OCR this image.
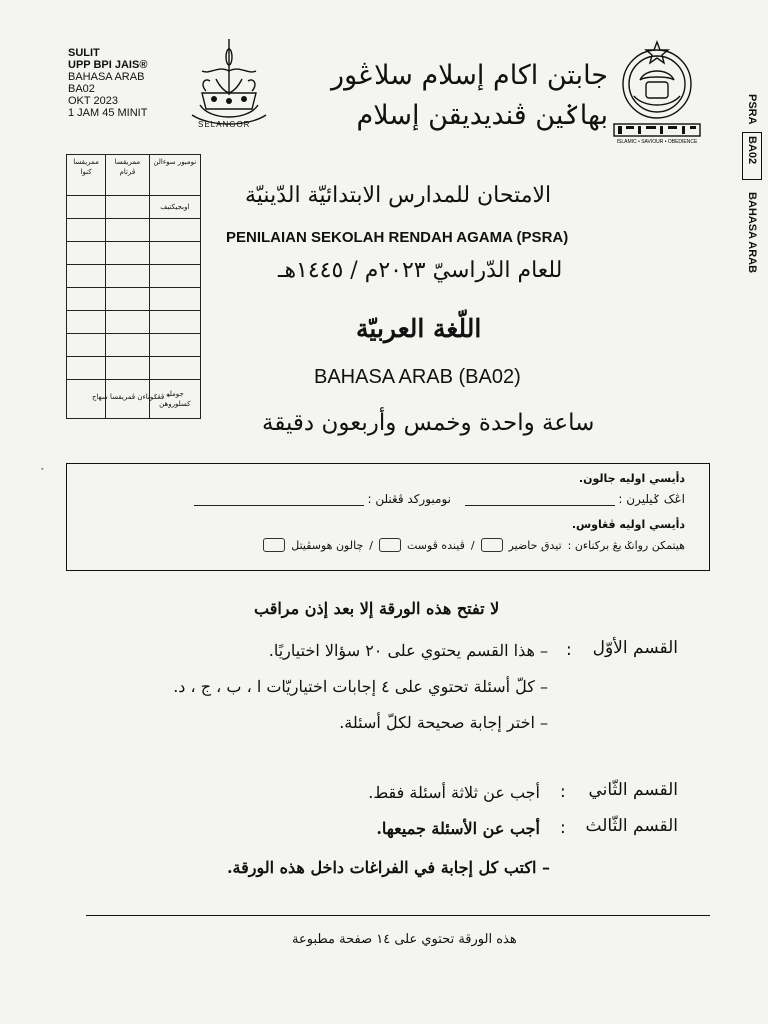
SULIT
UPP BPI JAIS®
BAHASA ARAB
BA02
OKT 2023
1 JAM 45 MINIT
SELANGOR
جابتن اكام إسلام سلاڠور
بهاݢين ڤنديديقن إسلام
ISLAMIC • SAVIOUR • OBEDIENCE
PSRA
BA02
BAHASA ARAB
ممريقسا كنوا	ممريقسا ڤرتام	نومبور سوءالن
		اوبجيكتيف

		جومله كسلوروهن
* ڤڠݢوناءن ڤمريقسا سهاج
الامتحان للمدارس الابتدائيّة الدّينيّة
PENILAIAN SEKOLAH RENDAH AGAMA (PSRA)
للعام الدّراسيّ ٢٠٢٣م / ١٤٤٥هـ
اللّغة العربيّة
BAHASA ARAB (BA02)
ساعة واحدة وخمس وأربعون دقيقة
•
دأيسي اوليه جالون.
اڠک ݢيليرن :
نومبوركد ڤڠنلن :
دأيسي اوليه ڤڠاوس.
هيتمكن روانݢ يڠ بركناءن :
تيدق حاضير
/
ڤينده ڤوست
/
چالون هوسڤيتل
لا تفتح هذه الورقة إلا بعد إذن مراقب
القسم الأوّل
:
– هذا القسم يحتوي على ٢٠ سؤالا اختياريًا.
– كلّ أسئلة تحتوي على ٤ إجابات اختياريّات ا ، ب ، ج ، د.
– اختر إجابة صحيحة لكلّ أسئلة.
القسم الثّاني
:
أجب عن ثلاثة أسئلة فقط.
القسم الثّالث
:
أجب عن الأسئلة جميعها.
– اكتب كل إجابة في الفراغات داخل هذه الورقة.
هذه الورقة تحتوي على ١٤ صفحة مطبوعة
